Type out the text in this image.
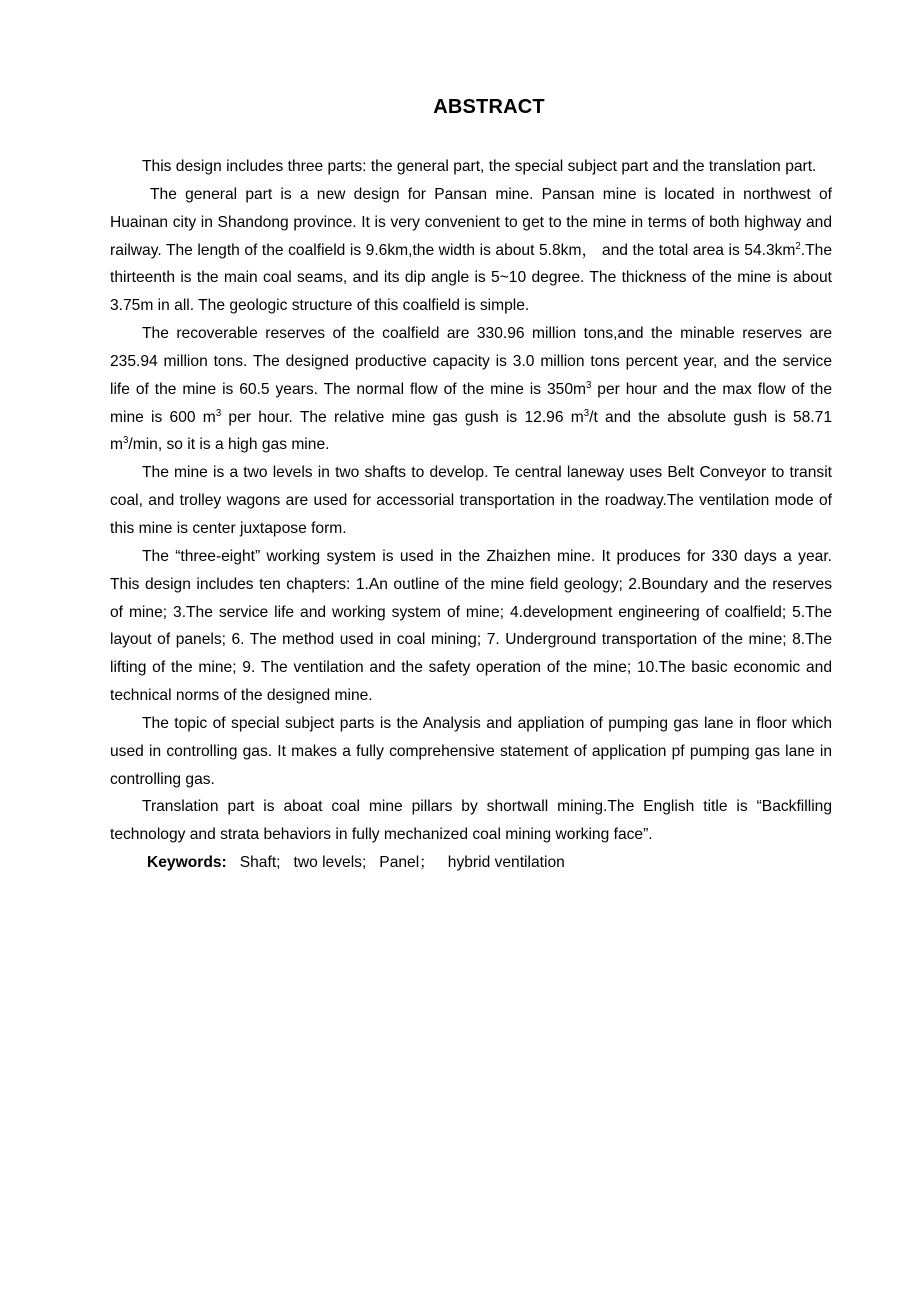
ABSTRACT

This design includes three parts: the general part, the special subject part and the translation part.

The general part is a new design for Pansan mine. Pansan mine is located in northwest of Huainan city in Shandong province. It is very convenient to get to the mine in terms of both highway and railway. The length of the coalfield is 9.6km,the width is about 5.8km， and the total area is $54.3km^2.The$ thirteenth is the main coal seams, and its dip angle is 5~10 degree. The thickness of the mine is about 3.75m in all. The geologic structure of this coalfield is simple.

The recoverable reserves of the coalfield are 330.96 million tons,and the minable reserves are 235.94 million tons. The designed productive capacity is 3.0 million tons percent year, and the service life of the mine is 60.5 years. The normal flow of the mine is $350m^3$ per hour and the max flow of the mine is 600 $m^3$ per hour. The relative mine gas gush is 12.96 $m^3/t$ and the absolute gush is 58.71 $m^3/\min$, so it is a high gas mine.

The mine is a two levels in two shafts to develop. Te central laneway uses Belt Conveyor to transit coal, and trolley wagons are used for accessorial transportation in the roadway.The ventilation mode of this mine is center juxtapose form.

The “three-eight” working system is used in the Zhaizhen mine. It produces for 330 days a year. This design includes ten chapters: 1.An outline of the mine field geology; 2.Boundary and the reserves of mine; 3.The service life and working system of mine; 4.development engineering of coalfield; 5.The layout of panels; 6. The method used in coal mining; 7. Underground transportation of the mine; 8.The lifting of the mine; 9. The ventilation and the safety operation of the mine; 10.The basic economic and technical norms of the designed mine.

The topic of special subject parts is the Analysis and appliation of pumping gas lane in floor which used in controlling gas. It makes a fully comprehensive statement of application pf pumping gas lane in controlling gas.

Translation part is aboat coal mine pillars by shortwall mining.The English title is “Backfilling technology and strata behaviors in fully mechanized coal mining working face”.

Keywords: Shaft; two levels; Panel； hybrid ventilation
